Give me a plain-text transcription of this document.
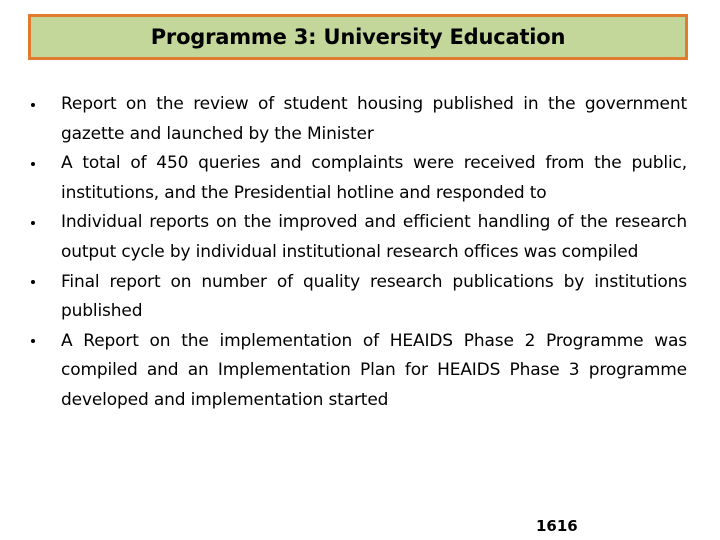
Programme 3: University Education
Report on the review of student housing published in the government gazette and launched by the Minister
A total of 450 queries and complaints were received from the public, institutions, and the Presidential hotline and responded to
Individual reports on the improved and efficient handling of the research output cycle by individual institutional research offices was compiled
Final report on number of quality research publications by institutions published
A Report on the implementation of HEAIDS Phase 2 Programme was compiled and an Implementation Plan for HEAIDS Phase 3 programme developed and implementation started
1616
